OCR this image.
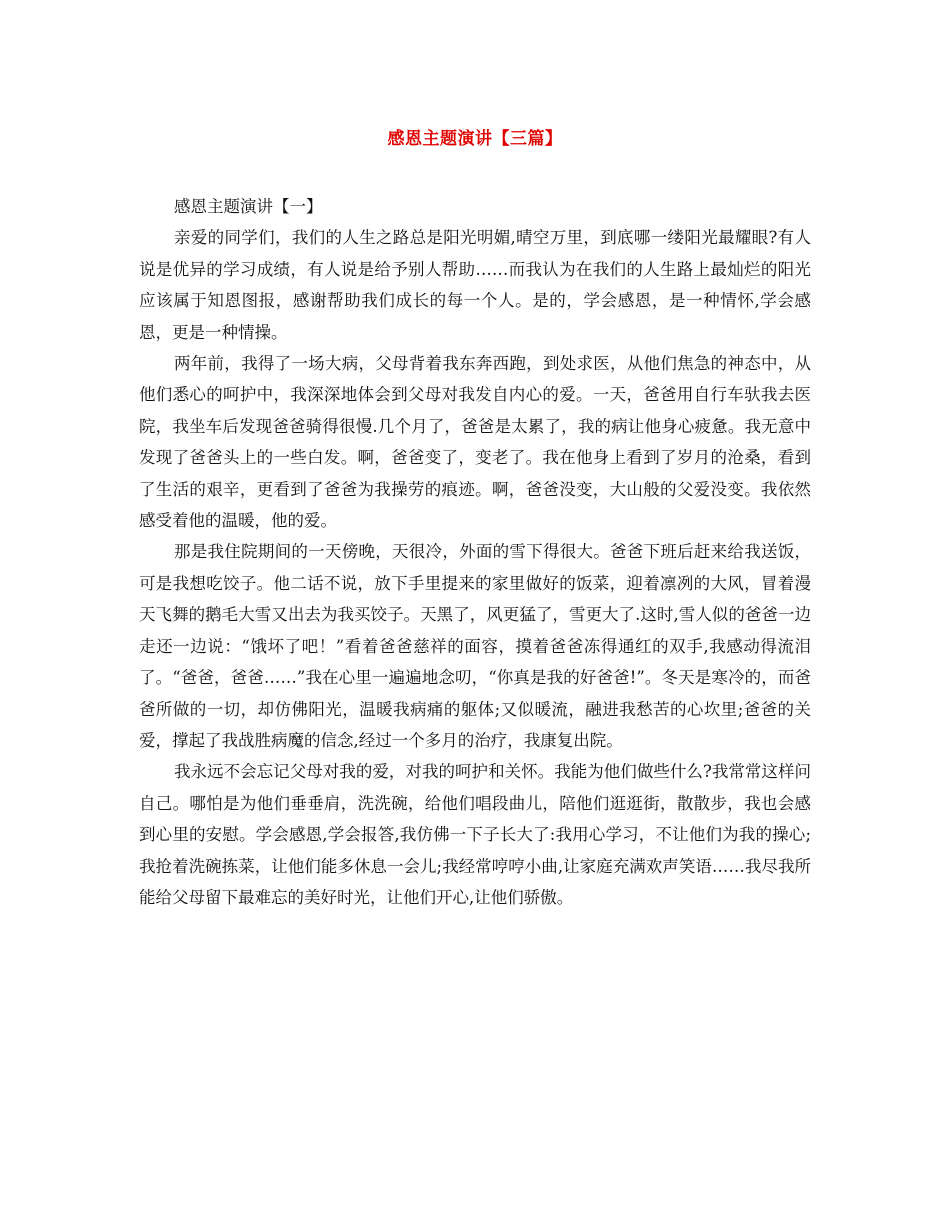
感恩主题演讲【三篇】

感恩主题演讲【一】

亲爱的同学们，我们的人生之路总是阳光明媚,晴空万里，到底哪一缕阳光最耀眼?有人说是优异的学习成绩，有人说是给予别人帮助……而我认为在我们的人生路上最灿烂的阳光应该属于知恩图报，感谢帮助我们成长的每一个人。是的，学会感恩，是一种情怀,学会感恩，更是一种情操。

两年前，我得了一场大病，父母背着我东奔西跑，到处求医，从他们焦急的神态中，从他们悉心的呵护中，我深深地体会到父母对我发自内心的爱。一天，爸爸用自行车驮我去医院，我坐车后发现爸爸骑得很慢.几个月了，爸爸是太累了，我的病让他身心疲惫。我无意中发现了爸爸头上的一些白发。啊，爸爸变了，变老了。我在他身上看到了岁月的沧桑，看到了生活的艰辛，更看到了爸爸为我操劳的痕迹。啊，爸爸没变，大山般的父爱没变。我依然感受着他的温暖，他的爱。

那是我住院期间的一天傍晚，天很冷，外面的雪下得很大。爸爸下班后赶来给我送饭，可是我想吃饺子。他二话不说，放下手里提来的家里做好的饭菜，迎着凛冽的大风，冒着漫天飞舞的鹅毛大雪又出去为我买饺子。天黑了，风更猛了，雪更大了.这时,雪人似的爸爸一边走还一边说：“饿坏了吧！”看着爸爸慈祥的面容，摸着爸爸冻得通红的双手,我感动得流泪了。“爸爸，爸爸……”我在心里一遍遍地念叨，“你真是我的好爸爸!”。冬天是寒冷的，而爸爸所做的一切，却仿佛阳光，温暖我病痛的躯体;又似暖流，融进我愁苦的心坎里;爸爸的关爱，撑起了我战胜病魔的信念,经过一个多月的治疗，我康复出院。

我永远不会忘记父母对我的爱，对我的呵护和关怀。我能为他们做些什么?我常常这样问自己。哪怕是为他们垂垂肩，洗洗碗，给他们唱段曲儿，陪他们逛逛街，散散步，我也会感到心里的安慰。学会感恩,学会报答,我仿佛一下子长大了:我用心学习，不让他们为我的操心;我抢着洗碗拣菜，让他们能多休息一会儿;我经常哼哼小曲,让家庭充满欢声笑语……我尽我所能给父母留下最难忘的美好时光，让他们开心,让他们骄傲。
